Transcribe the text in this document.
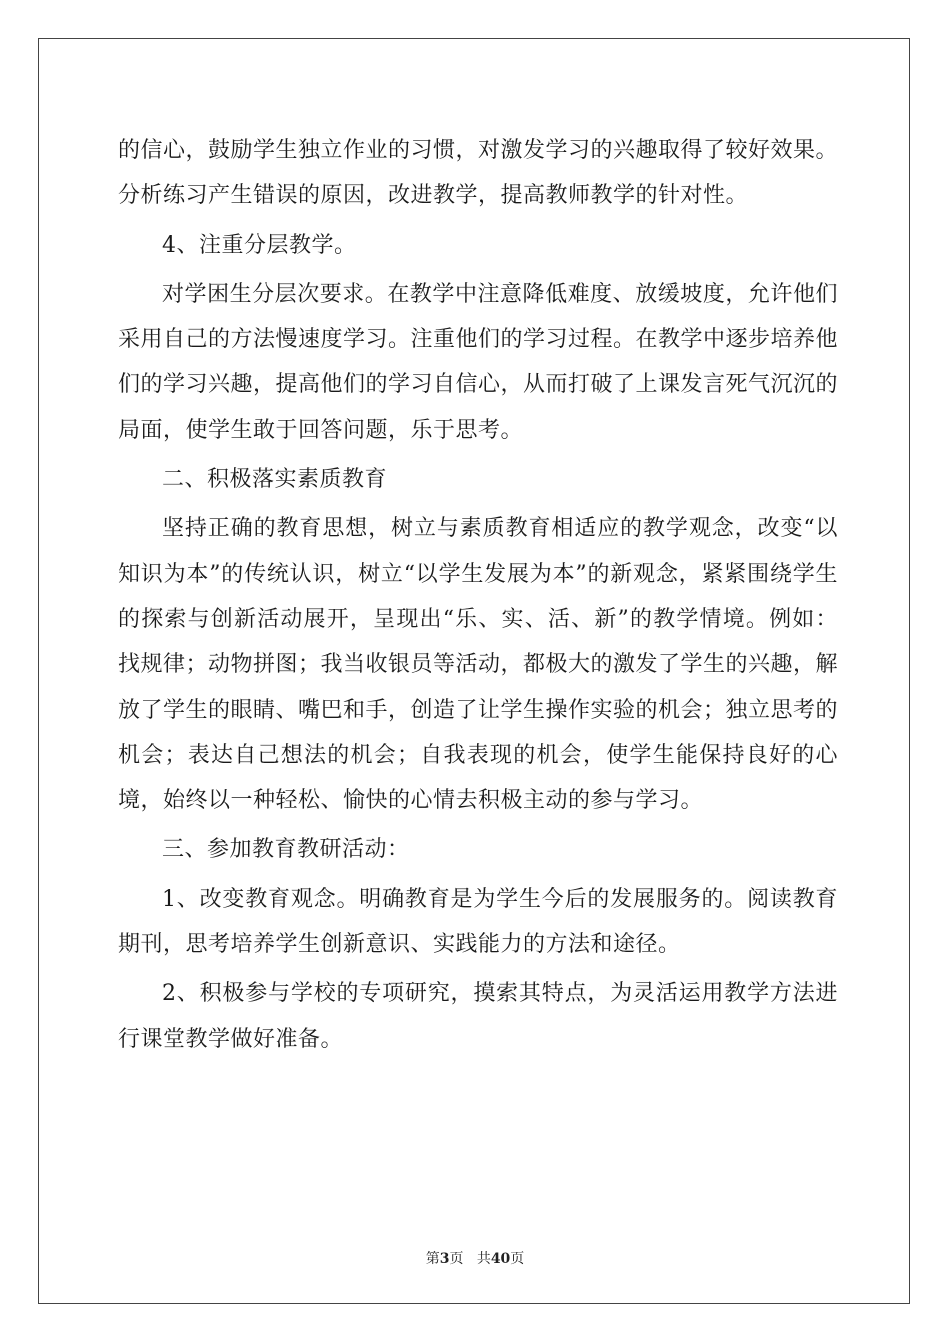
的信心，鼓励学生独立作业的习惯，对激发学习的兴趣取得了较好效果。分析练习产生错误的原因，改进教学，提高教师教学的针对性。

4、注重分层教学。

对学困生分层次要求。在教学中注意降低难度、放缓坡度，允许他们采用自己的方法慢速度学习。注重他们的学习过程。在教学中逐步培养他们的学习兴趣，提高他们的学习自信心，从而打破了上课发言死气沉沉的局面，使学生敢于回答问题，乐于思考。

二、积极落实素质教育

坚持正确的教育思想，树立与素质教育相适应的教学观念，改变“以知识为本”的传统认识，树立“以学生发展为本”的新观念，紧紧围绕学生的探索与创新活动展开，呈现出“乐、实、活、新”的教学情境。例如：找规律；动物拼图；我当收银员等活动，都极大的激发了学生的兴趣，解放了学生的眼睛、嘴巴和手，创造了让学生操作实验的机会；独立思考的机会；表达自己想法的机会；自我表现的机会，使学生能保持良好的心境，始终以一种轻松、愉快的心情去积极主动的参与学习。

三、参加教育教研活动：

1、改变教育观念。明确教育是为学生今后的发展服务的。阅读教育期刊，思考培养学生创新意识、实践能力的方法和途径。

2、积极参与学校的专项研究，摸索其特点，为灵活运用教学方法进行课堂教学做好准备。

第3页 共40页
